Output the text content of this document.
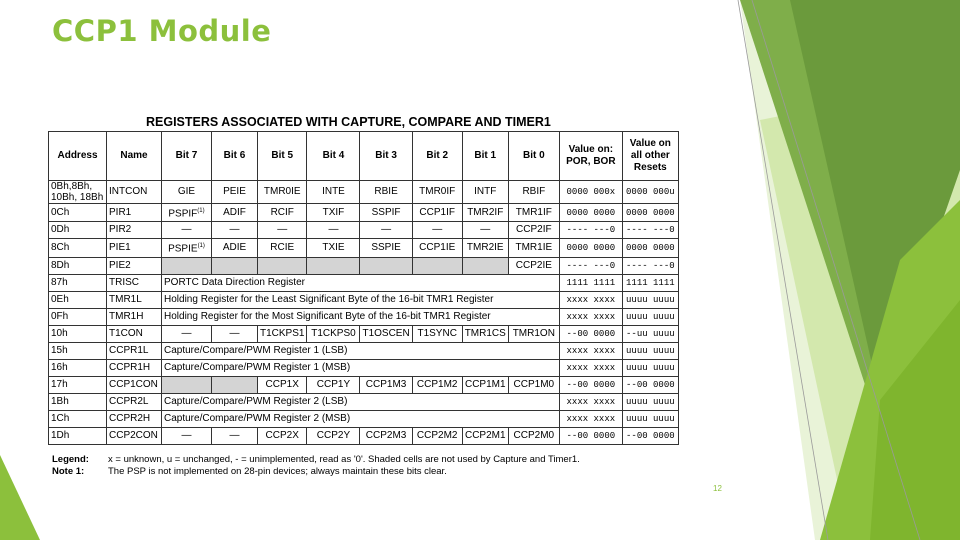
CCP1 Module
REGISTERS ASSOCIATED WITH CAPTURE, COMPARE AND TIMER1
Address	Name	Bit 7	Bit 6	Bit 5	Bit 4	Bit 3	Bit 2	Bit 1	Bit 0	Value on: POR, BOR	Value on all other Resets
0Bh,8Bh, 10Bh, 18Bh	INTCON	GIE	PEIE	TMR0IE	INTE	RBIE	TMR0IF	INTF	RBIF	0000 000x	0000 000u
0Ch	PIR1	PSPIF$^{(1)}$	ADIF	RCIF	TXIF	SSPIF	CCP1IF	TMR2IF	TMR1IF	0000 0000	0000 0000
0Dh	PIR2	—	—	—	—	—	—	—	CCP2IF	---- ---0	---- ---0
8Ch	PIE1	PSPIE$^{(1)}$	ADIE	RCIE	TXIE	SSPIE	CCP1IE	TMR2IE	TMR1IE	0000 0000	0000 0000
8Dh	PIE2								CCP2IE	---- ---0	---- ---0
87h	TRISC	PORTC Data Direction Register								1111 1111	1111 1111
0Eh	TMR1L	Holding Register for the Least Significant Byte of the 16-bit TMR1 Register								xxxx xxxx	uuuu uuuu
0Fh	TMR1H	Holding Register for the Most Significant Byte of the 16-bit TMR1 Register								xxxx xxxx	uuuu uuuu
10h	T1CON	—	—	T1CKPS1	T1CKPS0	T1OSCEN	T1SYNC	TMR1CS	TMR1ON	--00 0000	--uu uuuu
15h	CCPR1L	Capture/Compare/PWM Register 1 (LSB)								xxxx xxxx	uuuu uuuu
16h	CCPR1H	Capture/Compare/PWM Register 1 (MSB)								xxxx xxxx	uuuu uuuu
17h	CCP1CON			CCP1X	CCP1Y	CCP1M3	CCP1M2	CCP1M1	CCP1M0	--00 0000	--00 0000
1Bh	CCPR2L	Capture/Compare/PWM Register 2 (LSB)								xxxx xxxx	uuuu uuuu
1Ch	CCPR2H	Capture/Compare/PWM Register 2 (MSB)								xxxx xxxx	uuuu uuuu
1Dh	CCP2CON	—	—	CCP2X	CCP2Y	CCP2M3	CCP2M2	CCP2M1	CCP2M0	--00 0000	--00 0000
Legend: x = unknown, u = unchanged, - = unimplemented, read as '0'. Shaded cells are not used by Capture and Timer1.
Note 1:	The PSP is not implemented on 28-pin devices; always maintain these bits clear.
12
